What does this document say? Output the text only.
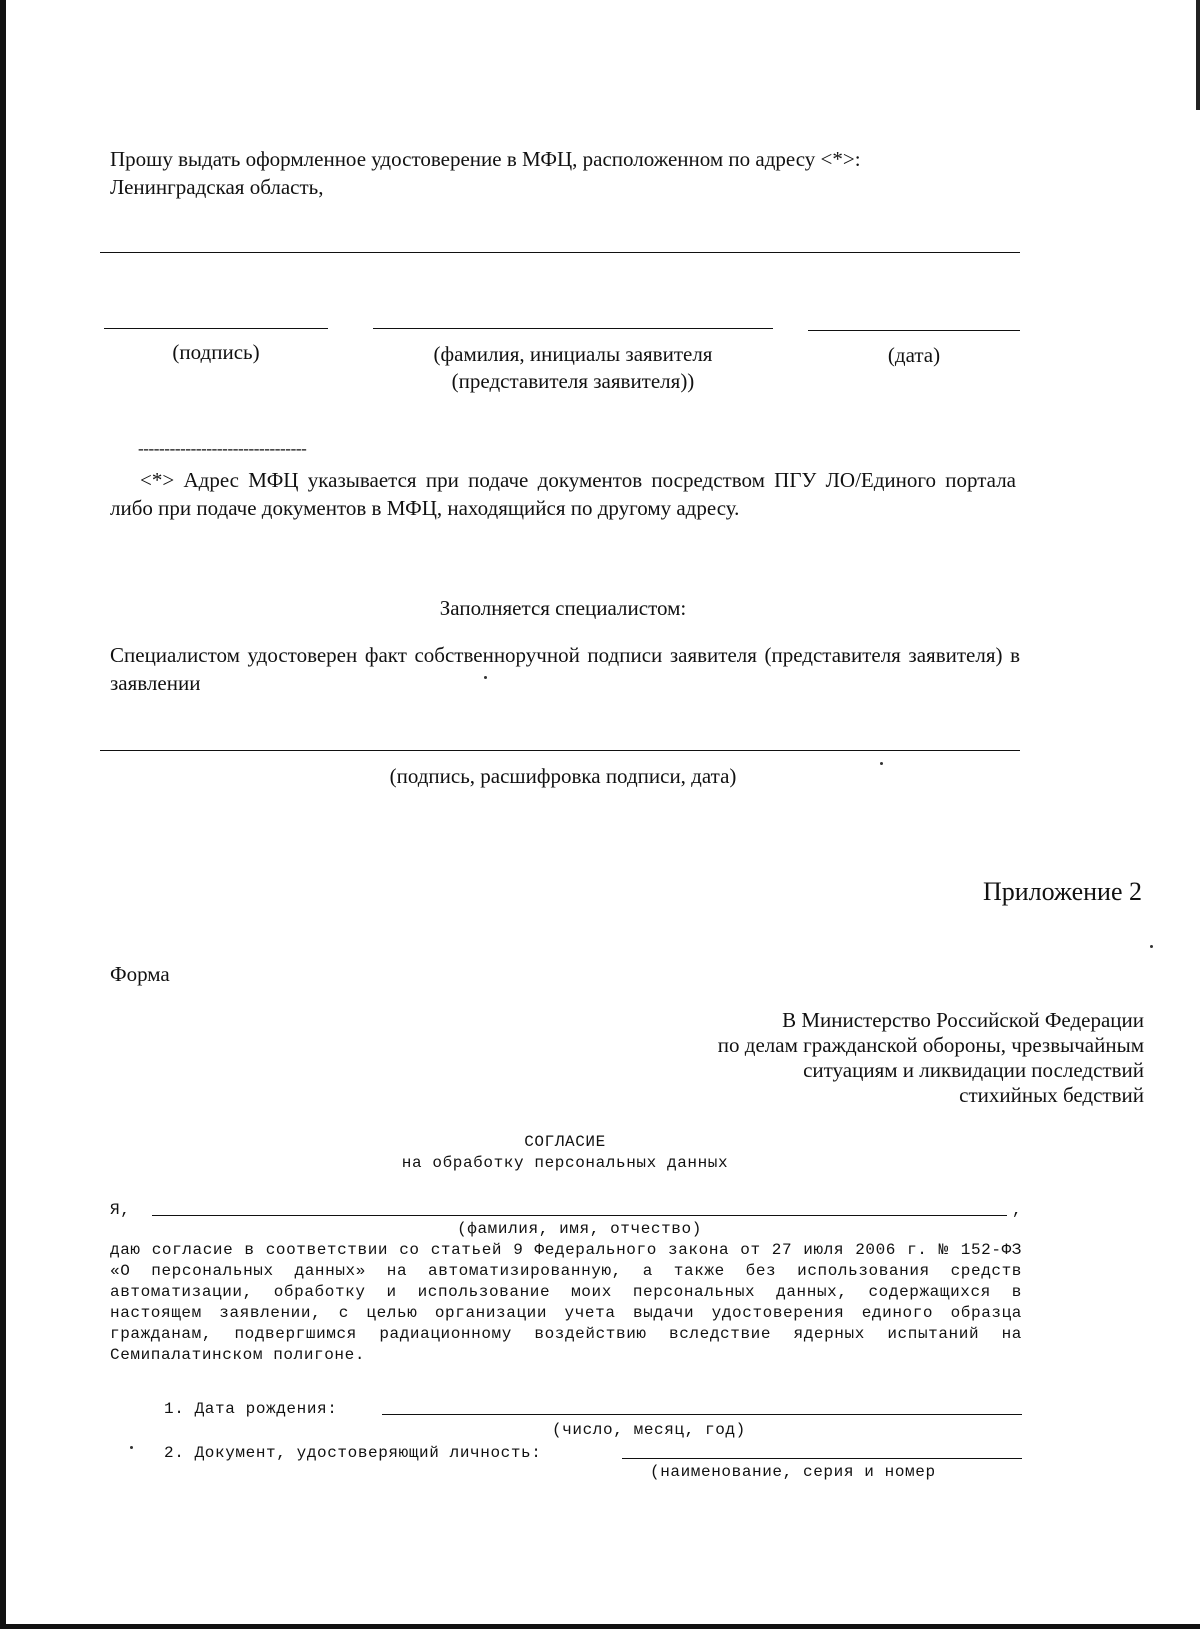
Прошу выдать оформленное удостоверение в МФЦ, расположенном по адресу <*>:
Ленинградская область,
(подпись)	(фамилия, инициалы заявителя
(представителя заявителя))
(дата)
--------------------------------
<*> Адрес МФЦ указывается при подаче документов посредством ПГУ ЛО/Единого портала либо при подаче документов в МФЦ, находящийся по другому адресу.
Заполняется специалистом:
Специалистом удостоверен факт собственноручной подписи заявителя (представителя заявителя) в заявлении
(подпись, расшифровка подписи, дата)
Приложение 2
Форма
В Министерство Российской Федерации
по делам гражданской обороны, чрезвычайным
ситуациям и ликвидации последствий
стихийных бедствий
СОГЛАСИЕ
на обработку персональных данных
Я,	,
(фамилия, имя, отчество)
даю согласие в соответствии со статьей 9 Федерального закона от 27 июля 2006 г. № 152-ФЗ «О персональных данных» на автоматизированную, а также без использования средств автоматизации, обработку и использование моих персональных данных, содержащихся в настоящем заявлении, с целью организации учета выдачи удостоверения единого образца гражданам, подвергшимся радиационному воздействию вследствие ядерных испытаний на Семипалатинском полигоне.
1. Дата рождения:
(число, месяц, год)
2. Документ, удостоверяющий личность:
(наименование, серия и номер
